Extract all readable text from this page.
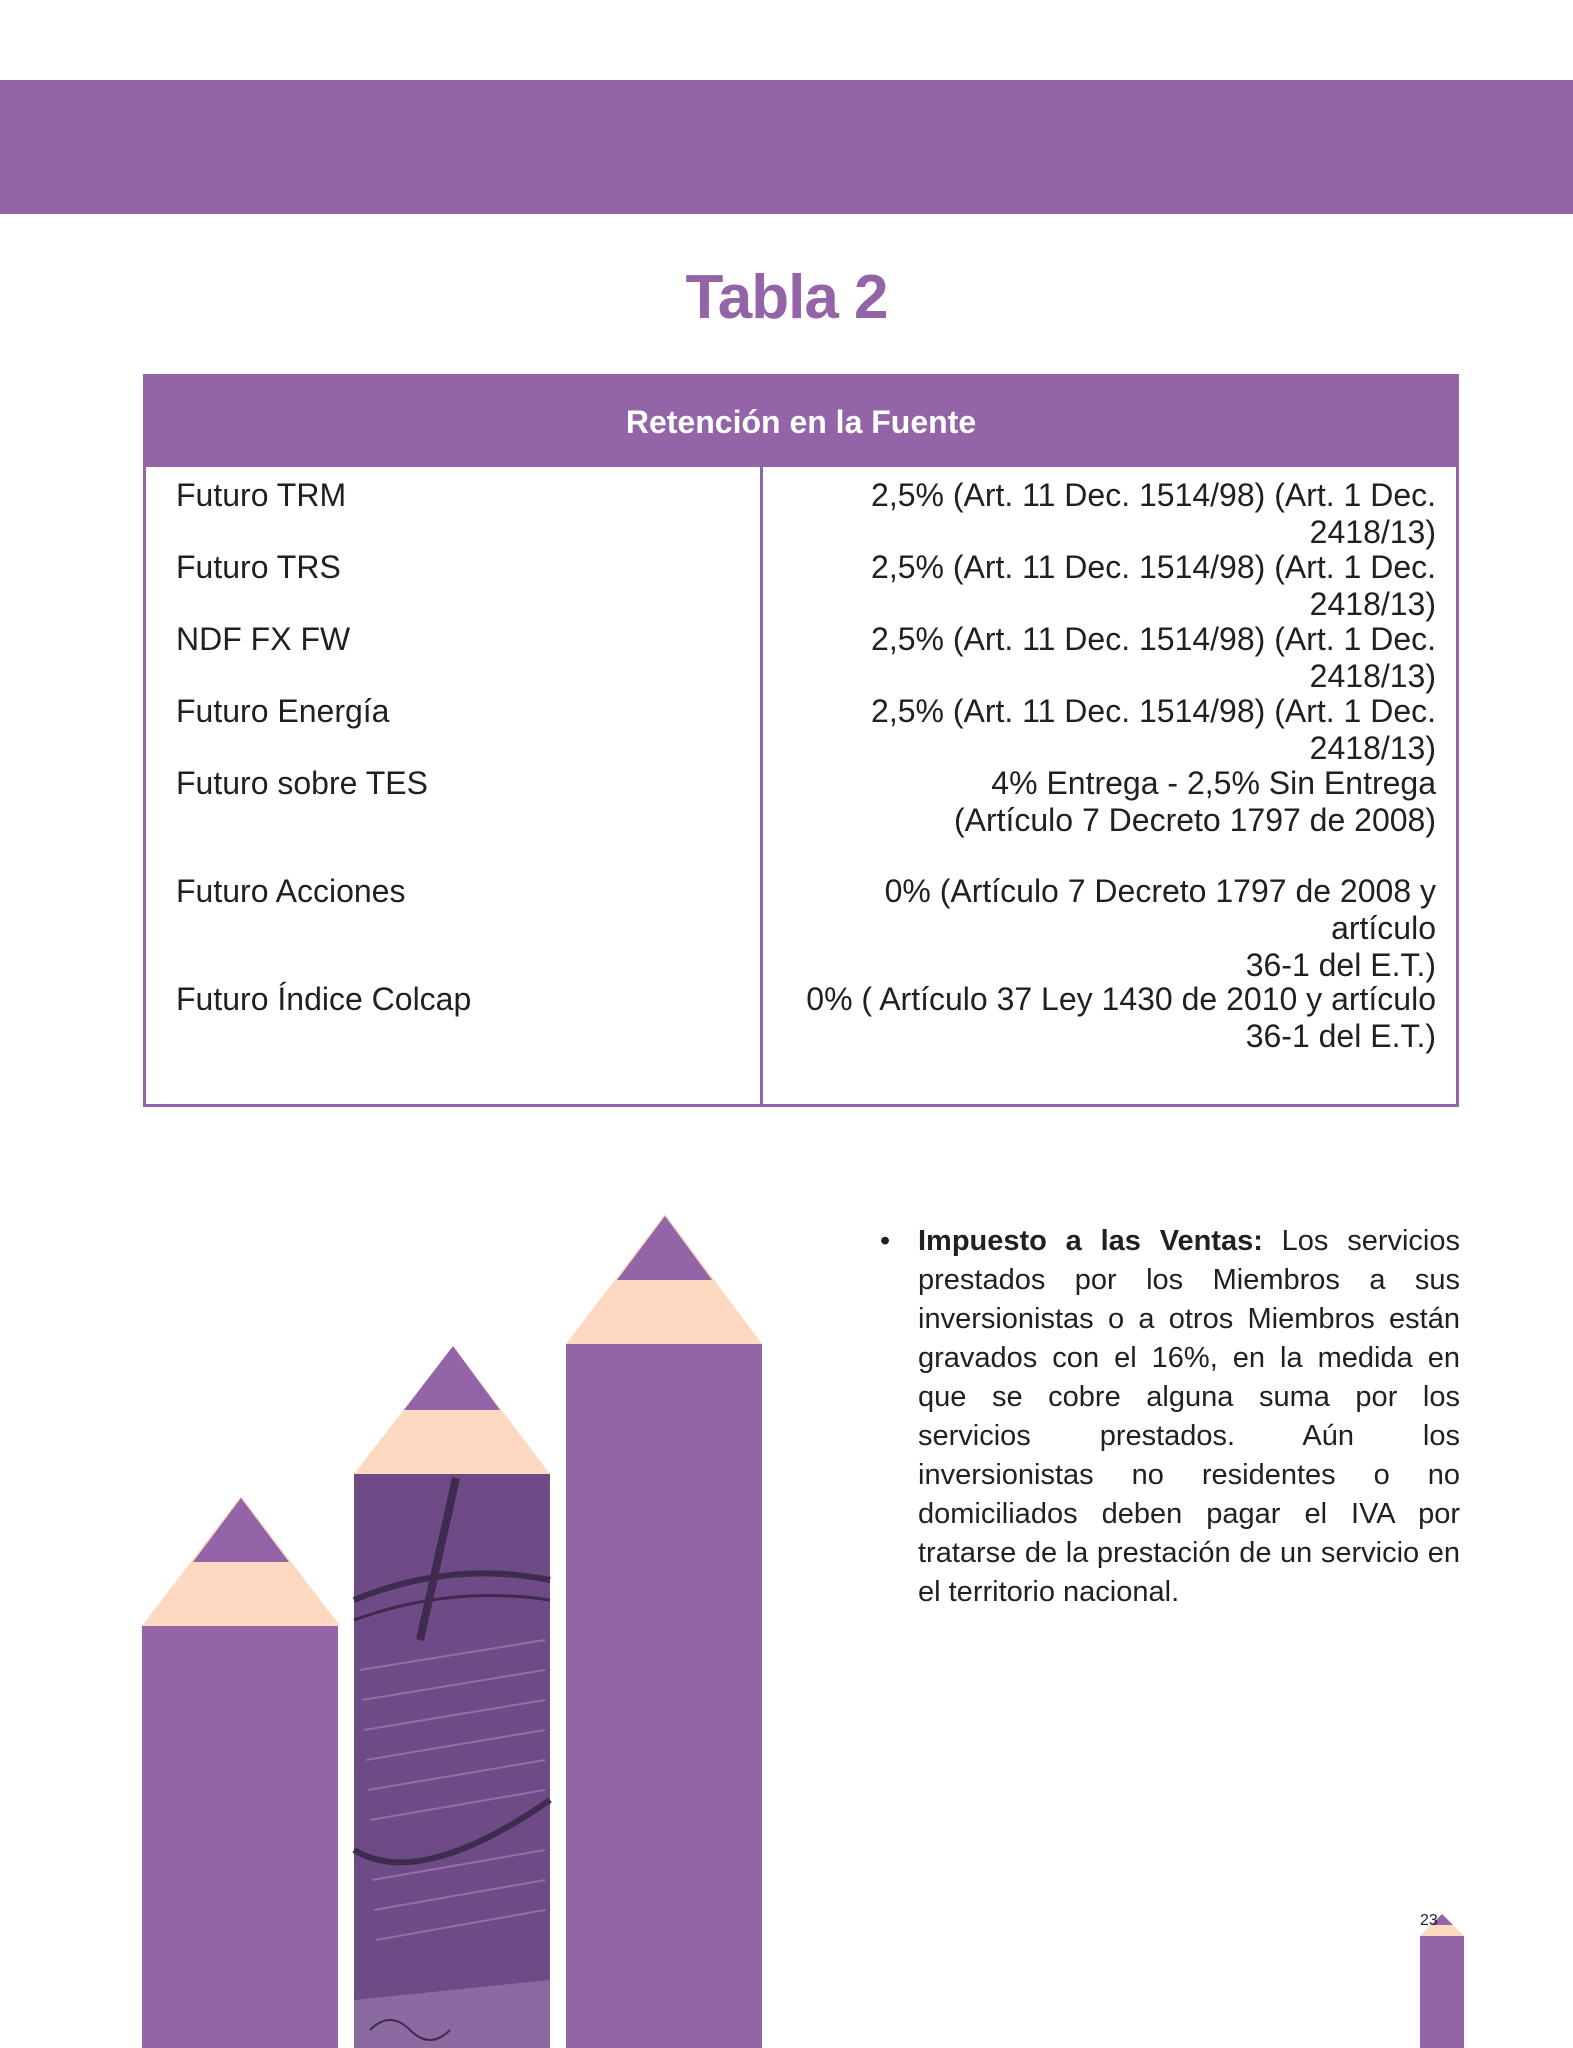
Tabla 2
Retención en la Fuente
Futuro TRM	2,5% (Art. 11 Dec. 1514/98) (Art. 1 Dec. 2418/13)
Futuro TRS	2,5% (Art. 11 Dec. 1514/98) (Art. 1 Dec. 2418/13)
NDF FX FW	2,5% (Art. 11 Dec. 1514/98) (Art. 1 Dec. 2418/13)
Futuro Energía	2,5% (Art. 11 Dec. 1514/98) (Art. 1 Dec. 2418/13)
Futuro sobre TES	4% Entrega - 2,5% Sin Entrega
(Artículo 7 Decreto 1797 de 2008)
Futuro Acciones	0% (Artículo 7 Decreto 1797 de 2008 y artículo
36-1 del E.T.)
Futuro Índice Colcap	0% ( Artículo 37 Ley 1430 de 2010 y artículo
36-1 del E.T.)
• Impuesto a las Ventas: Los servicios prestados por los Miembros a sus inversionistas o a otros Miembros están gravados con el 16%, en la medida en que se cobre alguna suma por los servicios prestados. Aún los inversionistas no residentes o no domiciliados deben pagar el IVA por tratarse de la prestación de un servicio en el territorio nacional.
23
